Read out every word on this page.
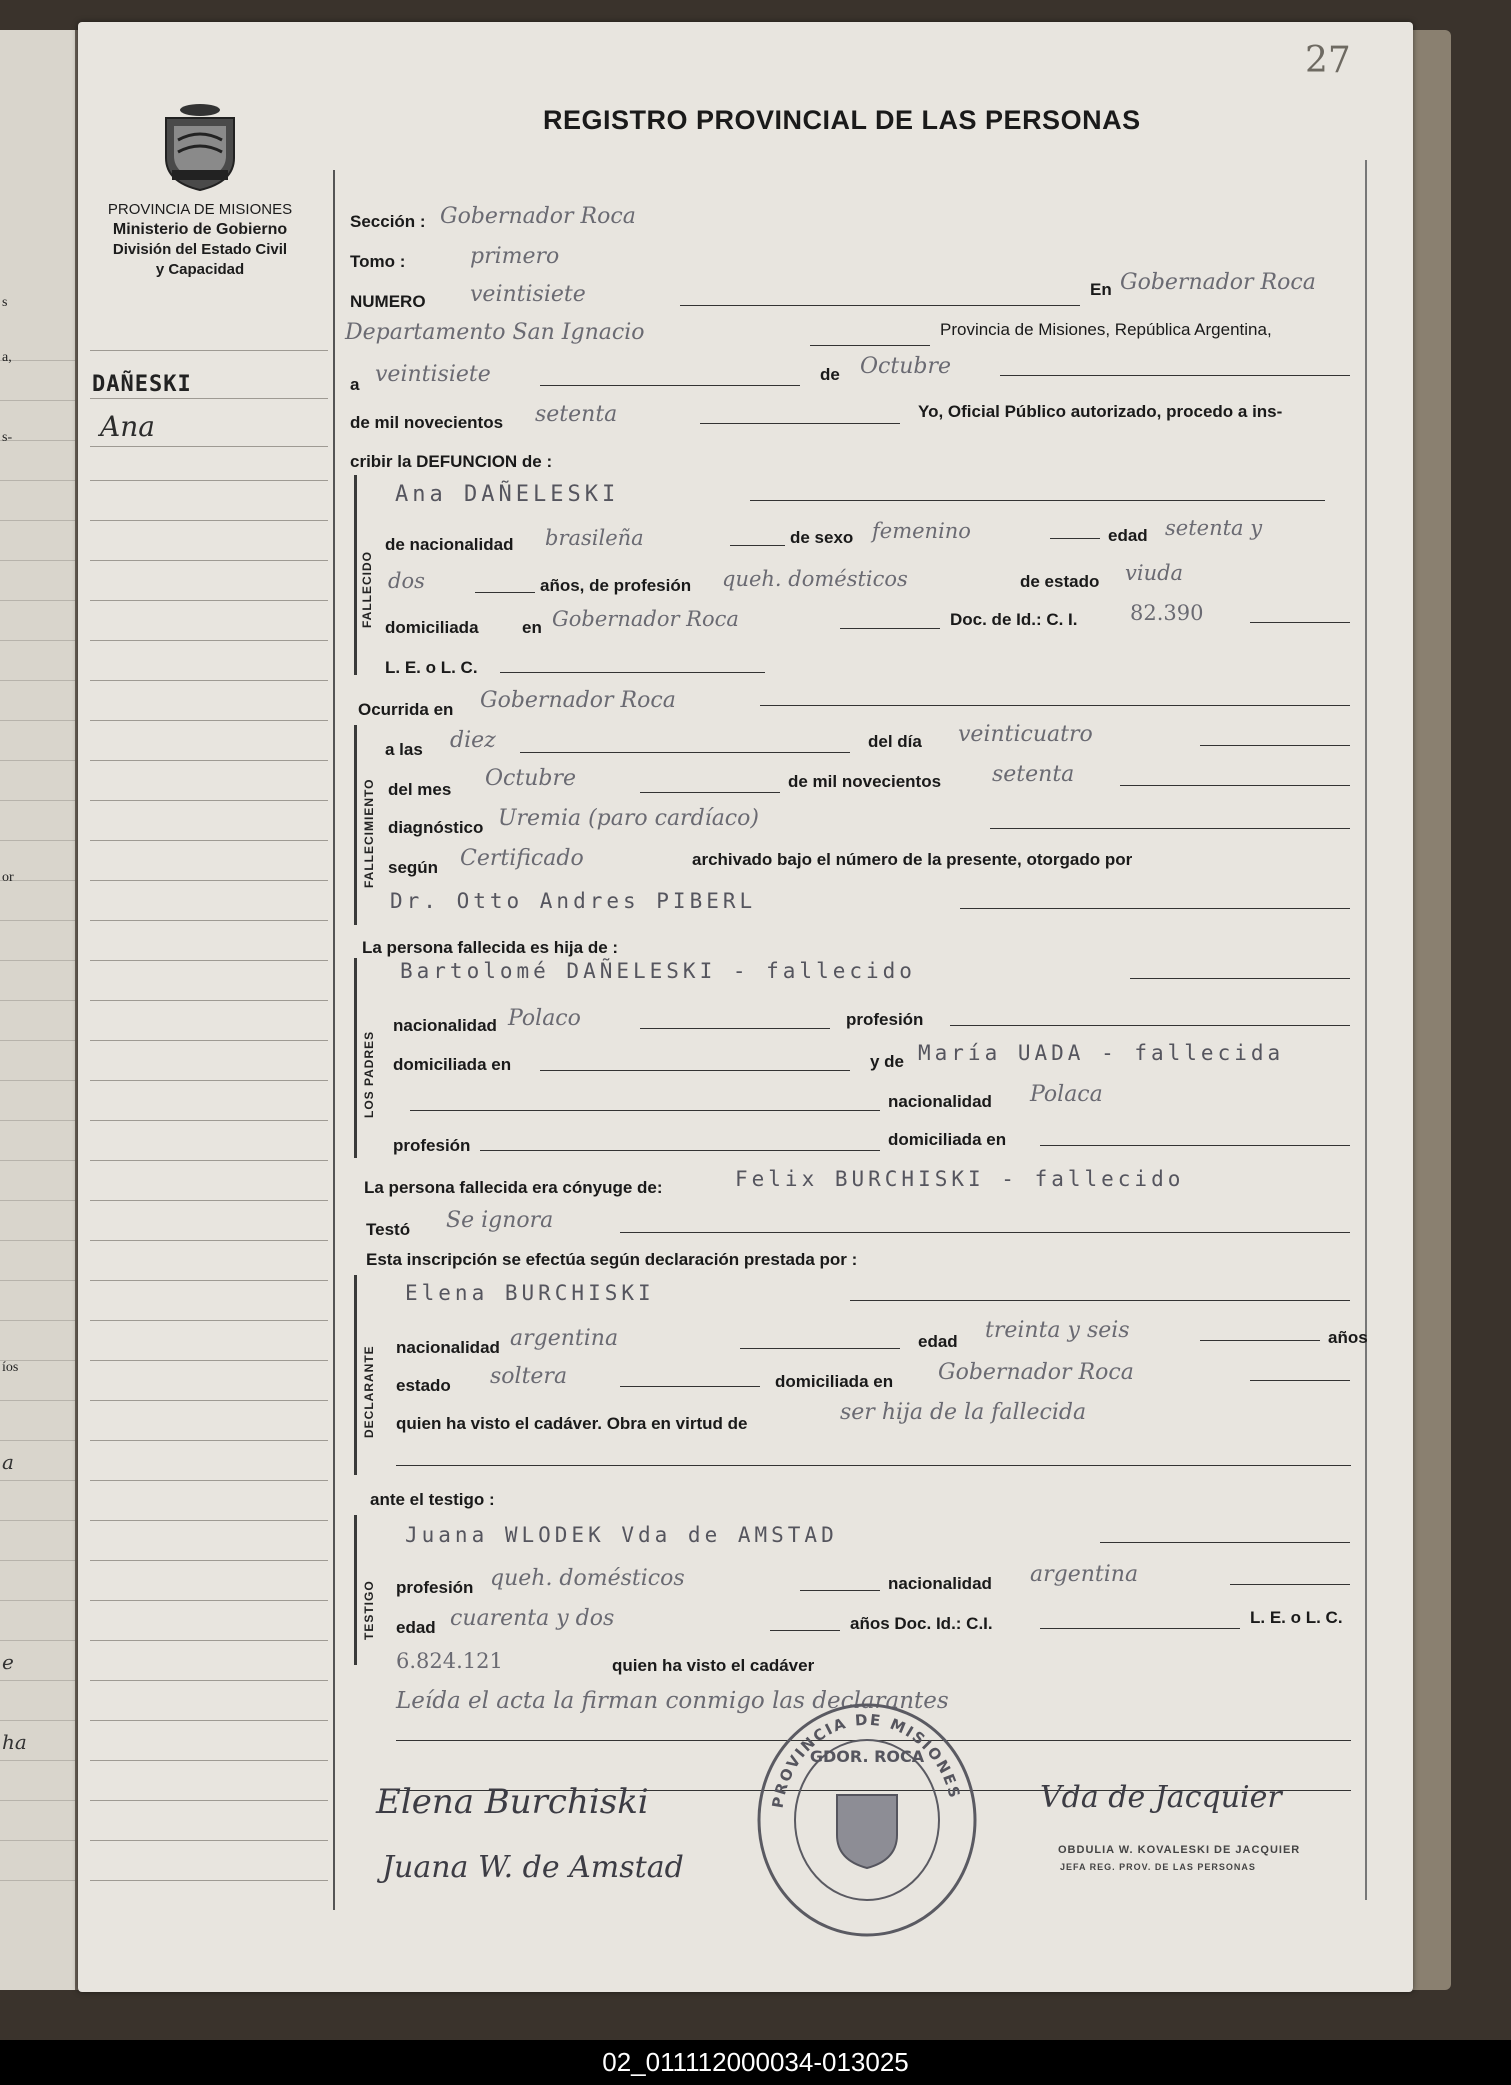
s
a,
s-
or
íos
a
e
ha
27
REGISTRO PROVINCIAL DE LAS PERSONAS
PROVINCIA DE MISIONES
Ministerio de Gobierno
División del Estado Civil
y Capacidad
DAÑESKI
Ana
Sección : Gobernador Roca
Tomo :	primero
NUMERO veintisiete	En Gobernador Roca
Departamento San Ignacio	Provincia de Misiones, República Argentina,
a veintisiete	de Octubre
de mil novecientos setenta	Yo, Oficial Público autorizado, procedo a ins-
cribir la DEFUNCION de :
FALLECIDO
Ana DAÑELESKI
de nacionalidad brasileña	de sexo femenino	edad setenta y
dos	años, de profesión queh. domésticos	de estado viuda
domiciliada	en Gobernador Roca	Doc. de Id.: C. I. 82.390
L. E. o L. C.
Ocurrida en Gobernador Roca
FALLECIMIENTO
a las diez	del día veinticuatro
del mes Octubre	de mil novecientos setenta
diagnóstico Uremia (paro cardíaco)
según Certificado	archivado bajo el número de la presente, otorgado por
Dr. Otto Andres PIBERL
La persona fallecida es hija de :
LOS PADRES
Bartolomé DAÑELESKI - fallecido
nacionalidad Polaco	profesión
domiciliada en	y de María UADA - fallecida
nacionalidad Polaca
profesión	domiciliada en
La persona fallecida era cónyuge de:	Felix BURCHISKI - fallecido
Testó Se ignora
Esta inscripción se efectúa según declaración prestada por :
DECLARANTE
Elena BURCHISKI
nacionalidad argentina	edad treinta y seis	años
estado soltera	domiciliada en Gobernador Roca
quien ha visto el cadáver. Obra en virtud de	ser hija de la fallecida
ante el testigo :
TESTIGO
Juana WLODEK Vda de AMSTAD
profesión queh. domésticos	nacionalidad argentina
edad cuarenta y dos	años Doc. Id.: C.I.	L. E. o L. C.
6.824.121	quien ha visto el cadáver
Leída el acta la firman conmigo las declarantes
PROVINCIA DE MISIONES
GDOR. ROCA
Elena Burchiski
Juana W. de Amstad
Vda de Jacquier
OBDULIA W. KOVALESKI DE JACQUIER
JEFA REG. PROV. DE LAS PERSONAS
02_011112000034-013025
